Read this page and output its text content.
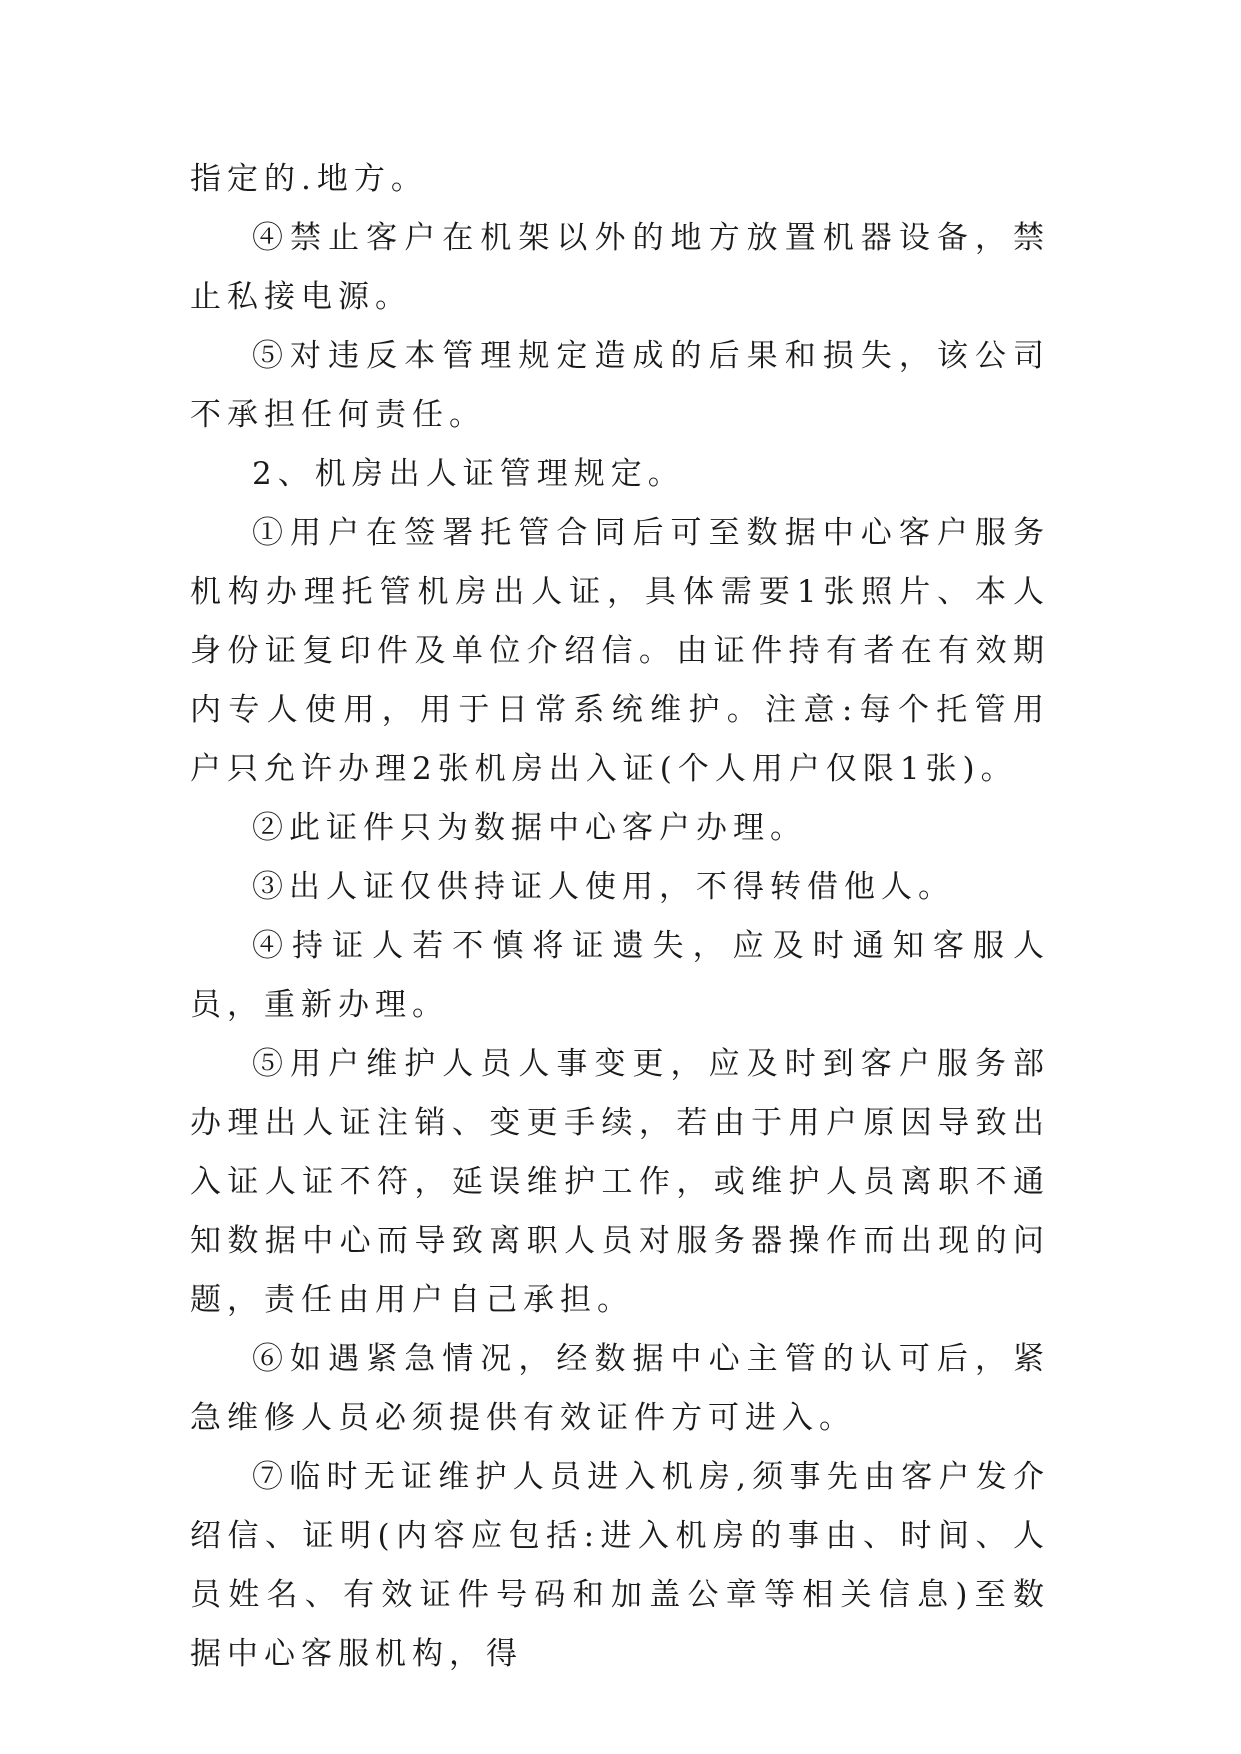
指定的.地方。

④禁止客户在机架以外的地方放置机器设备，禁止私接电源。

⑤对违反本管理规定造成的后果和损失，该公司不承担任何责任。

2、机房出人证管理规定。

①用户在签署托管合同后可至数据中心客户服务机构办理托管机房出人证，具体需要1张照片、本人身份证复印件及单位介绍信。由证件持有者在有效期内专人使用，用于日常系统维护。注意:每个托管用户只允许办理2张机房出入证(个人用户仅限1张)。

②此证件只为数据中心客户办理。

③出人证仅供持证人使用，不得转借他人。

④持证人若不慎将证遗失，应及时通知客服人员，重新办理。

⑤用户维护人员人事变更，应及时到客户服务部办理出人证注销、变更手续，若由于用户原因导致出入证人证不符，延误维护工作，或维护人员离职不通知数据中心而导致离职人员对服务器操作而出现的问题，责任由用户自己承担。

⑥如遇紧急情况，经数据中心主管的认可后，紧急维修人员必须提供有效证件方可进入。

⑦临时无证维护人员进入机房,须事先由客户发介绍信、证明(内容应包括:进入机房的事由、时间、人员姓名、有效证件号码和加盖公章等相关信息)至数据中心客服机构，得
